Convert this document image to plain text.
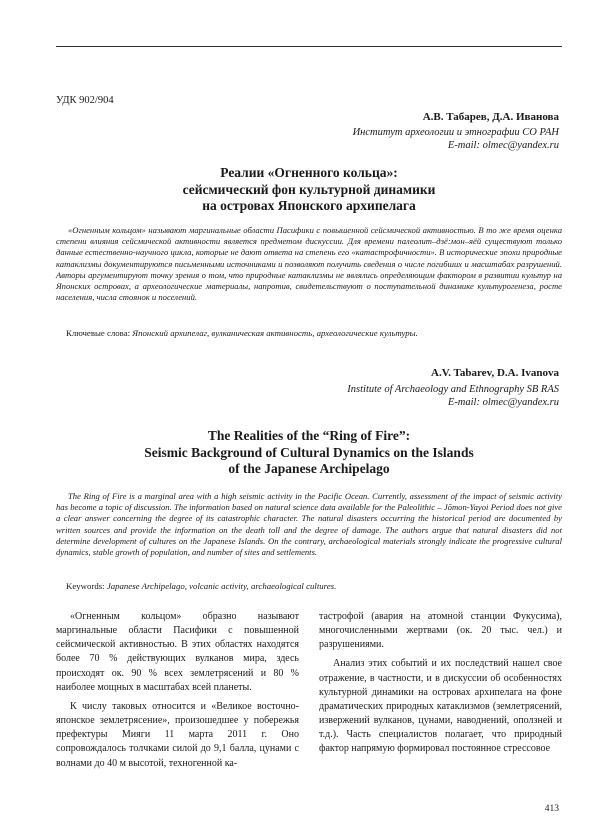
УДК 902/904
А.В. Табарев, Д.А. Иванова
Институт археологии и этнографии СО РАН
E-mail: olmec@yandex.ru
Реалии «Огненного кольца»:
сейсмический фон культурной динамики
на островах Японского архипелага
«Огненным кольцом» называют маргинальные области Пасифики с повышенной сейсмической активностью. В то же время оценка степени влияния сейсмической активности является предметом дискуссии. Для времени палеолит–дзё:мон–яёй существуют только данные естественно-научного цикла, которые не дают ответа на степень его «катастрофичности». В исторические эпохи природные катаклизмы документируются письменными источниками и позволяют получить сведения о числе погибших и масштабах разрушений. Авторы аргументируют точку зрения о том, что природные катаклизмы не являлись определяющим фактором в развитии культур на Японских островах, а археологические материалы, напротив, свидетельствуют о поступательной динамике культурогенеза, росте населения, числа стоянок и поселений.
Ключевые слова: Японский архипелаг, вулканическая активность, археологические культуры.
A.V. Tabarev, D.A. Ivanova
Institute of Archaeology and Ethnography SB RAS
E-mail: olmec@yandex.ru
The Realities of the “Ring of Fire”:
Seismic Background of Cultural Dynamics on the Islands
of the Japanese Archipelago
The Ring of Fire is a marginal area with a high seismic activity in the Pacific Ocean. Currently, assessment of the impact of seismic activity has become a topic of discussion. The information based on natural science data available for the Paleolithic – Jōmon-Yayoi Period does not give a clear answer concerning the degree of its catastrophic character. The natural disasters occurring the historical period are documented by written sources and provide the information on the death toll and the degree of damage. The authors argue that natural disasters did not determine development of cultures on the Japanese Islands. On the contrary, archaeological materials strongly indicate the progressive cultural dynamics, stable growth of population, and number of sites and settlements.
Keywords: Japanese Archipelago, volcanic activity, archaeological cultures.

«Огненным кольцом» образно называют маргинальные области Пасифики с повышенной сейсмической активностью. В этих областях находятся более 70 % действующих вулканов мира, здесь происходят ок. 90 % всех землетрясений и 80 % наиболее мощных в масштабах всей планеты.

К числу таковых относится и «Великое восточно-японское землетрясение», произошедшее у побережья префектуры Мияги 11 марта 2011 г. Оно сопровождалось толчками силой до 9,1 балла, цунами с волнами до 40 м высотой, техногенной ка-

тастрофой (авария на атомной станции Фукусима), многочисленными жертвами (ок. 20 тыс. чел.) и разрушениями.

Анализ этих событий и их последствий нашел свое отражение, в частности, и в дискуссии об особенностях культурной динамики на островах архипелага на фоне драматических природных катаклизмов (землетрясений, извержений вулканов, цунами, наводнений, оползней и т.д.). Часть специалистов полагает, что природный фактор напрямую формировал постоянное стрессовое

413
